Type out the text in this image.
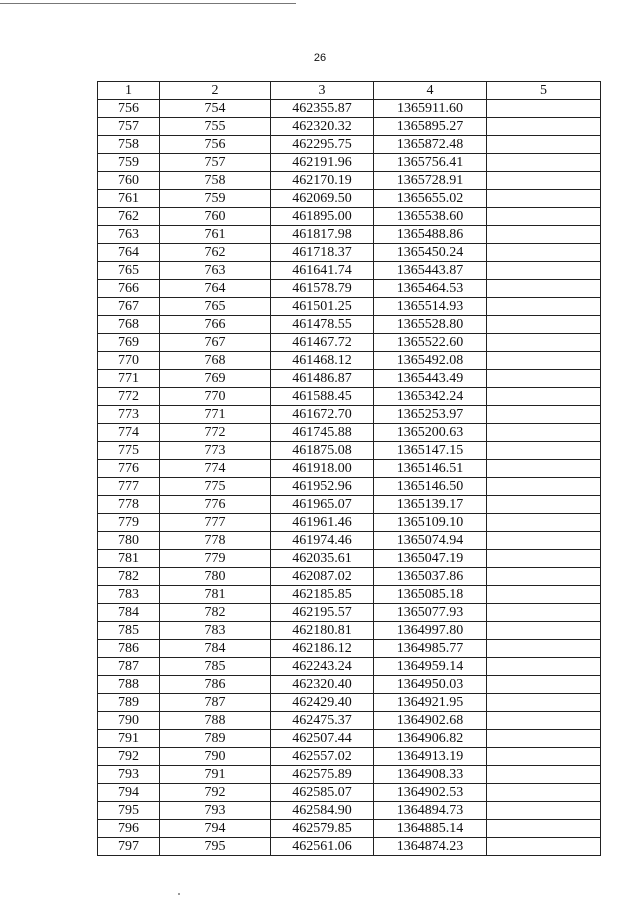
26
1	2	3	4	5
756	754	462355.87	1365911.60	
757	755	462320.32	1365895.27	
758	756	462295.75	1365872.48	
759	757	462191.96	1365756.41	
760	758	462170.19	1365728.91	
761	759	462069.50	1365655.02	
762	760	461895.00	1365538.60	
763	761	461817.98	1365488.86	
764	762	461718.37	1365450.24	
765	763	461641.74	1365443.87	
766	764	461578.79	1365464.53	
767	765	461501.25	1365514.93	
768	766	461478.55	1365528.80	
769	767	461467.72	1365522.60	
770	768	461468.12	1365492.08	
771	769	461486.87	1365443.49	
772	770	461588.45	1365342.24	
773	771	461672.70	1365253.97	
774	772	461745.88	1365200.63	
775	773	461875.08	1365147.15	
776	774	461918.00	1365146.51	
777	775	461952.96	1365146.50	
778	776	461965.07	1365139.17	
779	777	461961.46	1365109.10	
780	778	461974.46	1365074.94	
781	779	462035.61	1365047.19	
782	780	462087.02	1365037.86	
783	781	462185.85	1365085.18	
784	782	462195.57	1365077.93	
785	783	462180.81	1364997.80	
786	784	462186.12	1364985.77	
787	785	462243.24	1364959.14	
788	786	462320.40	1364950.03	
789	787	462429.40	1364921.95	
790	788	462475.37	1364902.68	
791	789	462507.44	1364906.82	
792	790	462557.02	1364913.19	
793	791	462575.89	1364908.33	
794	792	462585.07	1364902.53	
795	793	462584.90	1364894.73	
796	794	462579.85	1364885.14	
797	795	462561.06	1364874.23	
